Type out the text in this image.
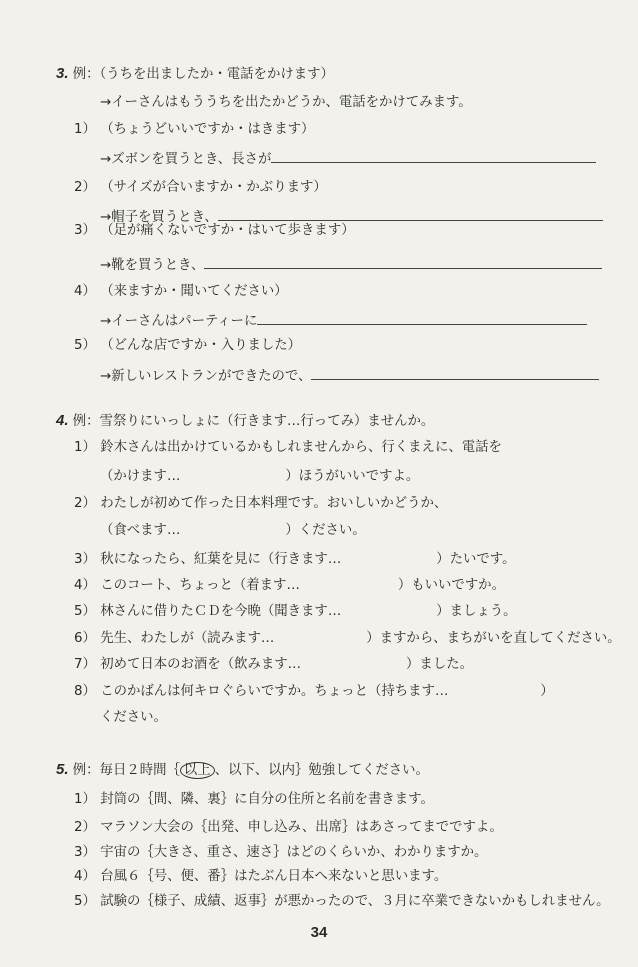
3. 例：（うちを出ましたか・電話をかけます）
→イーさんはもううちを出たかどうか、電話をかけてみます。
1） （ちょうどいいですか・はきます）
→ズボンを買うとき、長さが
2） （サイズが合いますか・かぶります）
→帽子を買うとき、
3） （足が痛くないですか・はいて歩きます）
→靴を買うとき、
4） （来ますか・聞いてください）
→イーさんはパーティーに
5） （どんな店ですか・入りました）
→新しいレストランができたので、
4. 例：雪祭りにいっしょに（行きます…行ってみ）ませんか。
1） 鈴木さんは出かけているかもしれませんから、行くまえに、電話を
（かけます…	）ほうがいいですよ。
2） わたしが初めて作った日本料理です。おいしいかどうか、
（食べます…	）ください。
3） 秋になったら、紅葉を見に（行きます…	）たいです。
4） このコート、ちょっと（着ます…	）もいいですか。
5） 林さんに借りたＣＤを今晩（聞きます…	）ましょう。
6） 先生、わたしが（読みます…	）ますから、まちがいを直してください。
7） 初めて日本のお酒を（飲みます…	）ました。
8） このかばんは何キロぐらいですか。ちょっと（持ちます…	）
ください。
5. 例：毎日２時間｛ 以上 、以下、以内｝勉強してください。
1） 封筒の｛間、隣、裏｝に自分の住所と名前を書きます。
2） マラソン大会の｛出発、申し込み、出席｝はあさってまでですよ。
3） 宇宙の｛大きさ、重さ、速さ｝はどのくらいか、わかりますか。
4） 台風６｛号、便、番｝はたぶん日本へ来ないと思います。
5） 試験の｛様子、成績、返事｝が悪かったので、３月に卒業できないかもしれません。
34
